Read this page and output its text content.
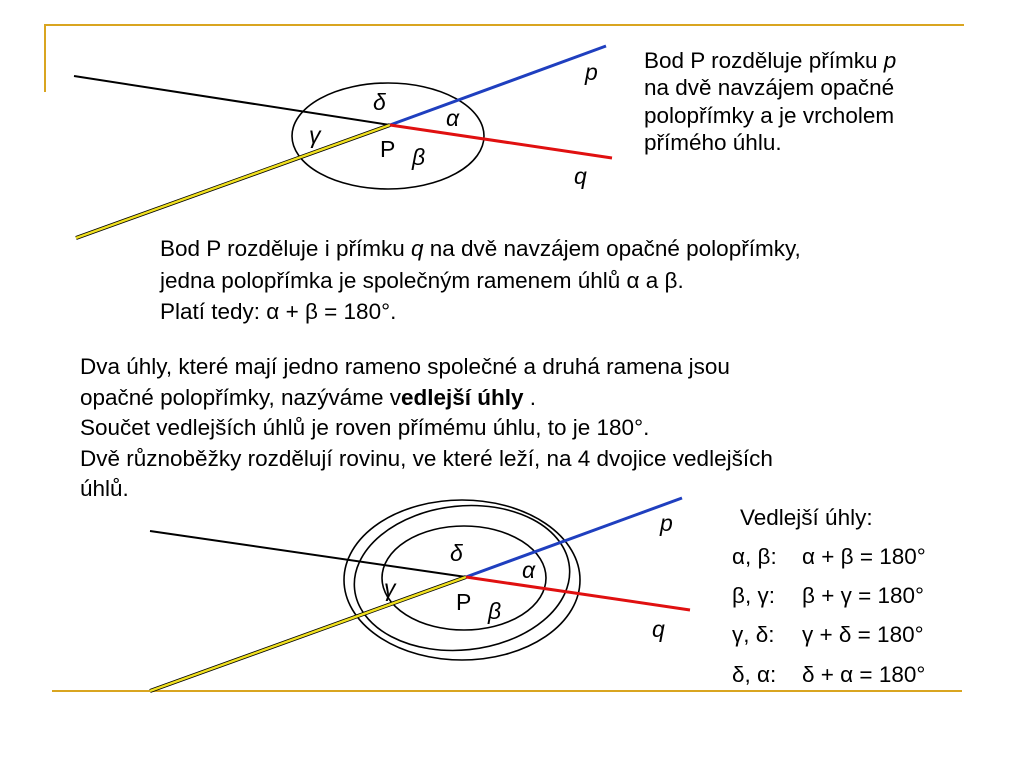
p
q
δ
α
γ
P β
p
q
δ
α
γ
P β
Bod P rozděluje přímku p
na dvě navzájem opačné
polopřímky a je vrcholem
přímého úhlu.
Bod P rozděluje i přímku q na dvě navzájem opačné polopřímky,
jedna polopřímka je společným ramenem úhlů α a β.
Platí tedy: α + β = 180°.
Dva úhly, které mají jedno rameno společné a druhá ramena jsou
opačné polopřímky, nazýváme vedlejší úhly .
Součet vedlejších úhlů je roven přímému úhlu, to je 180°.
Dvě různoběžky rozdělují rovinu, ve které leží, na 4 dvojice vedlejších
úhlů.
Vedlejší úhly:
α, β: α + β = 180°
β, γ: β + γ = 180°
γ, δ: γ + δ = 180°
δ, α: δ + α = 180°
